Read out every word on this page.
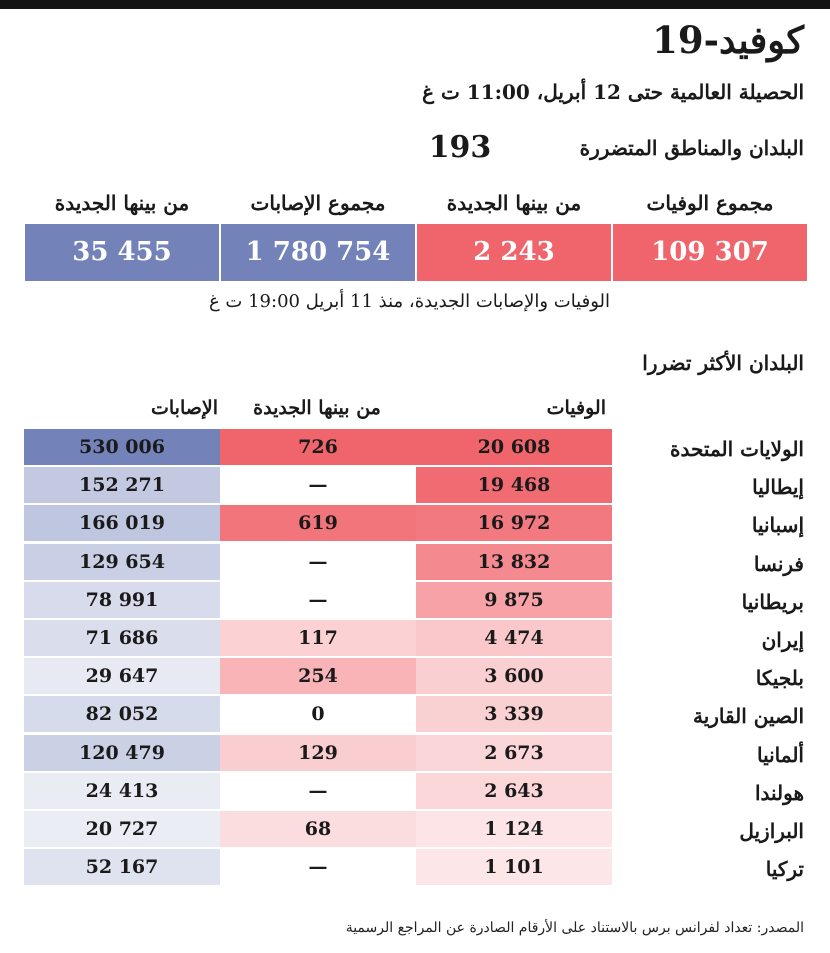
كوفيد-19
الحصيلة العالمية حتى 12 أبريل، 11:00 ت غ
البلدان والمناطق المتضررة
193
مجموع الوفيات
من بينها الجديدة
مجموع الإصابات
من بينها الجديدة
109 307
2 243
1 780 754
35 455
الوفيات والإصابات الجديدة، منذ 11 أبريل 19:00 ت غ
البلدان الأكثر تضررا
الوفيات
من بينها الجديدة
الإصابات
الولايات المتحدة
20 608
726
530 006
إيطاليا
19 468
—
152 271
إسبانيا
16 972
619
166 019
فرنسا
13 832
—
129 654
بريطانيا
9 875
—
78 991
إيران
4 474
117
71 686
بلجيكا
3 600
254
29 647
الصين القارية
3 339
0
82 052
ألمانيا
2 673
129
120 479
هولندا
2 643
—
24 413
البرازيل
1 124
68
20 727
تركيا
1 101
—
52 167
المصدر: تعداد لفرانس برس بالاستناد على الأرقام الصادرة عن المراجع الرسمية
